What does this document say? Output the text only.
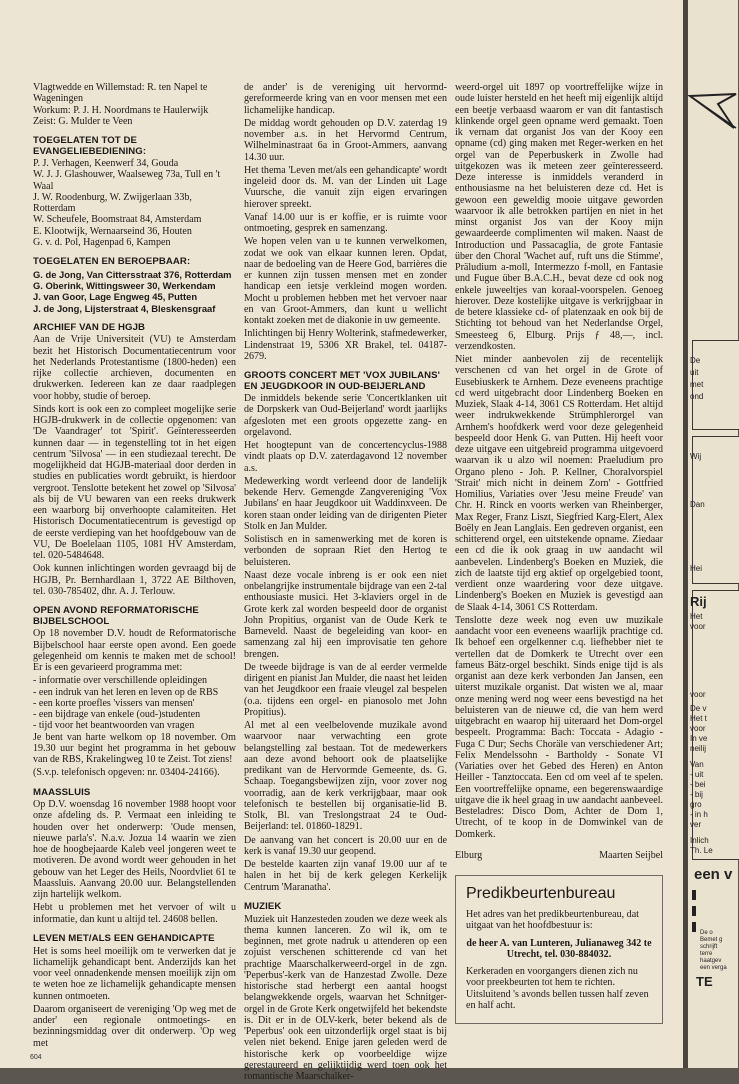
Vlagtwedde en Willemstad: R. ten Napel te Wageningen

Workum: P. J. H. Noordmans te Haulerwijk

Zeist: G. Mulder te Veen

TOEGELATEN TOT DE EVANGELIEBEDIENING:
P. J. Verhagen, Keenwerf 34, Gouda
W. J. J. Glashouwer, Waalseweg 73a, Tull en 't Waal
J. W. Roodenburg, W. Zwijgerlaan 33b, Rotterdam
W. Scheufele, Boomstraat 84, Amsterdam
E. Klootwijk, Wernaarseind 36, Houten
G. v. d. Pol, Hagenpad 6, Kampen
TOEGELATEN EN BEROEPBAAR:
G. de Jong, Van Cittersstraat 376, Rotterdam
G. Oberink, Wittingsweer 30, Werkendam
J. van Goor, Lage Engweg 45, Putten
J. de Jong, Lijsterstraat 4, Bleskensgraaf
ARCHIEF VAN DE HGJB

Aan de Vrije Universiteit (VU) te Amsterdam bezit het Historisch Documentatiecentrum voor het Nederlands Protestantisme (1800-heden) een rijke collectie archieven, documenten en drukwerken. Iedereen kan ze daar raadplegen voor hobby, studie of beroep.

Sinds kort is ook een zo compleet mogelijke serie HGJB-drukwerk in de collectie opgenomen: van 'De Vaandrager' tot 'Spirit'. Geïnteresseerden kunnen daar — in tegenstelling tot in het eigen centrum 'Silvosa' — in een studiezaal terecht. De mogelijkheid dat HGJB-materiaal door derden in studies en publicaties wordt gebruikt, is hierdoor vergroot. Tenslotte betekent het zowel op 'Silvosa' als bij de VU bewaren van een reeks drukwerk een waarborg bij onverhoopte calamiteiten. Het Historisch Documentatiecentrum is gevestigd op de eerste verdieping van het hoofdgebouw van de VU, De Boelelaan 1105, 1081 HV Amsterdam, tel. 020-5484648.

Ook kunnen inlichtingen worden gevraagd bij de HGJB, Pr. Bernhardlaan 1, 3722 AE Bilthoven, tel. 030-785402, dhr. A. J. Terlouw.

OPEN AVOND REFORMATORISCHE BIJBELSCHOOL

Op 18 november D.V. houdt de Reformatorische Bijbelschool haar eerste open avond. Een goede gelegenheid om kennis te maken met de school! Er is een gevarieerd programma met:

- informatie over verschillende opleidingen
- een indruk van het leren en leven op de RBS
- een korte proefles 'vissers van mensen'
- een bijdrage van enkele (oud-)studenten
- tijd voor het beantwoorden van vragen

Je bent van harte welkom op 18 november. Om 19.30 uur begint het programma in het gebouw van de RBS, Krakelingweg 10 te Zeist. Tot ziens!

(S.v.p. telefonisch opgeven: nr. 03404-24166).

MAASSLUIS

Op D.V. woensdag 16 november 1988 hoopt voor onze afdeling ds. P. Vermaat een inleiding te houden over het onderwerp: 'Oude mensen, nieuwe parla's'. N.a.v. Jozua 14 waarin we zien hoe de hoogbejaarde Kaleb veel jongeren weet te motiveren. De avond wordt weer gehouden in het gebouw van het Leger des Heils, Noordvliet 61 te Maassluis. Aanvang 20.00 uur. Belangstellenden zijn hartelijk welkom.

Hebt u problemen met het vervoer of wilt u informatie, dan kunt u altijd tel. 24608 bellen.

LEVEN MET/ALS EEN GEHANDICAPTE

Het is soms heel moeilijk om te verwerken dat je lichamelijk gehandicapt bent. Anderzijds kan het voor veel onnadenkende mensen moeilijk zijn om te weten hoe ze lichamelijk gehandicapte mensen kunnen ontmoeten.

Daarom organiseert de vereniging 'Op weg met de ander' een regionale ontmoetings- en bezinningsmiddag over dit onderwerp. 'Op weg met

de ander' is de vereniging uit hervormd-gereformeerde kring van en voor mensen met een lichamelijke handicap.

De middag wordt gehouden op D.V. zaterdag 19 november a.s. in het Hervormd Centrum, Wilhelminastraat 6a in Groot-Ammers, aanvang 14.30 uur.

Het thema 'Leven met/als een gehandicapte' wordt ingeleid door ds. M. van der Linden uit Lage Vuursche, die vanuit zijn eigen ervaringen hierover spreekt.

Vanaf 14.00 uur is er koffie, er is ruimte voor ontmoeting, gesprek en samenzang.

We hopen velen van u te kunnen verwelkomen, zodat we ook van elkaar kunnen leren. Opdat, naar de bedoeling van de Heere God, barrières die er kunnen zijn tussen mensen met en zonder handicap een ietsje verkleind mogen worden. Mocht u problemen hebben met het vervoer naar en van Groot-Ammers, dan kunt u wellicht kontakt zoeken met de diakonie in uw gemeente.

Inlichtingen bij Henry Wolterink, stafmedewerker, Lindenstraat 19, 5306 XR Brakel, tel. 04187-2679.

GROOTS CONCERT MET 'VOX JUBILANS' EN JEUGDKOOR IN OUD-BEIJERLAND

De inmiddels bekende serie 'Concertklanken uit de Dorpskerk van Oud-Beijerland' wordt jaarlijks afgesloten met een groots opgezette zang- en orgelavond.

Het hoogtepunt van de concertencyclus-1988 vindt plaats op D.V. zaterdagavond 12 november a.s.

Medewerking wordt verleend door de landelijk bekende Herv. Gemengde Zangvereniging 'Vox Jubilans' en haar Jeugdkoor uit Waddinxveen. De koren staan onder leiding van de dirigenten Pieter Stolk en Jan Mulder.

Solistisch en in samenwerking met de koren is verbonden de sopraan Riet den Hertog te beluisteren.

Naast deze vocale inbreng is er ook een niet onbelangrijke instrumentale bijdrage van een 2-tal enthousiaste musici. Het 3-klaviers orgel in de Grote kerk zal worden bespeeld door de organist John Propitius, organist van de Oude Kerk te Barneveld. Naast de begeleiding van koor- en samenzang zal hij een improvisatie ten gehore brengen.

De tweede bijdrage is van de al eerder vermelde dirigent en pianist Jan Mulder, die naast het leiden van het Jeugdkoor een fraaie vleugel zal bespelen (o.a. tijdens een orgel- en pianosolo met John Propitius).

Al met al een veelbelovende muzikale avond waarvoor naar verwachting een grote belangstelling zal bestaan. Tot de medewerkers aan deze avond behoort ook de plaatselijke predikant van de Hervormde Gemeente, ds. G. Schaap. Toegangsbewijzen zijn, voor zover nog voorradig, aan de kerk verkrijgbaar, maar ook telefonisch te bestellen bij organisatie-lid B. Stolk, Bl. van Treslongstraat 24 te Oud-Beijerland: tel. 01860-18291.

De aanvang van het concert is 20.00 uur en de kerk is vanaf 19.30 uur geopend.

De bestelde kaarten zijn vanaf 19.00 uur af te halen in het bij de kerk gelegen Kerkelijk Centrum 'Maranatha'.

MUZIEK

Muziek uit Hanzesteden zouden we deze week als thema kunnen lanceren. Zo wil ik, om te beginnen, met grote nadruk u attenderen op een zojuist verschenen schitterende cd van het prachtige Maarschalkerweerd-orgel in de zgn. 'Peperbus'-kerk van de Hanzestad Zwolle. Deze historische stad herbergt een aantal hoogst belangwekkende orgels, waarvan het Schnitger-orgel in de Grote Kerk ongetwijfeld het bekendste is. Dit er in de OLV-kerk, beter bekend als de 'Peperbus' ook een uitzonderlijk orgel staat is bij velen niet bekend. Enige jaren geleden werd de historische kerk op voorbeeldige wijze gerestaureerd en gelijktijdig werd toen ook het romantische Maarschalker-

weerd-orgel uit 1897 op voortreffelijke wijze in oude luister hersteld en het heeft mij eigenlijk altijd een beetje verbaasd waarom er van dit fantastisch klinkende orgel geen opname werd gemaakt. Toen ik vernam dat organist Jos van der Kooy een opname (cd) ging maken met Reger-werken en het orgel van de Peperbuskerk in Zwolle had uitgekozen was ik meteen zeer geïnteresseerd. Deze interesse is inmiddels veranderd in enthousiasme na het beluisteren deze cd. Het is gewoon een geweldig mooie uitgave geworden waarvoor ik alle betrokken partijen en niet in het minst organist Jos van der Kooy mijn gewaardeerde complimenten wil maken. Naast de Introduction und Passacaglia, de grote Fantasie über den Choral 'Wachet auf, ruft uns die Stimme', Präludium a-moll, Intermezzo f-moll, en Fantasie und Fugue über B.A.C.H., bevat deze cd ook nog enkele juweeltjes van koraal-voorspelen. Genoeg hierover. Deze kostelijke uitgave is verkrijgbaar in de betere klassieke cd- of platenzaak en ook bij de Stichting tot behoud van het Nederlandse Orgel, Smeesteeg 6, Elburg. Prijs ƒ 48,—, incl. verzendkosten.

Niet minder aanbevolen zij de recentelijk verschenen cd van het orgel in de Grote of Eusebiuskerk te Arnhem. Deze eveneens prachtige cd werd uitgebracht door Lindenberg Boeken en Muziek, Slaak 4-14, 3061 CS Rotterdam. Het altijd weer indrukwekkende Strümphlerorgel van Arnhem's hoofdkerk werd voor deze gelegenheid bespeeld door Henk G. van Putten. Hij heeft voor deze uitgave een uitgebreid programma uitgevoerd waarvan ik u alzo wil noemen: Praeludium pro Organo pleno - Joh. P. Kellner, Choralvorspiel 'Strait' mich nicht in deinem Zorn' - Gottfried Homilius, Variaties over 'Jesu meine Freude' van Chr. H. Rinck en voorts werken van Rheinberger, Max Reger, Franz Liszt, Siegfried Karg-Elert, Alex Boëly en Jean Langlais. Een gedreven organist, een schitterend orgel, een uitstekende opname. Ziedaar een cd die ik ook graag in uw aandacht wil aanbevelen. Lindenberg's Boeken en Muziek, die zich de laatste tijd erg aktief op orgelgebied toont, verdient onze waardering voor deze uitgave. Lindenberg's Boeken en Muziek is gevestigd aan de Slaak 4-14, 3061 CS Rotterdam.

Tenslotte deze week nog even uw muzikale aandacht voor een eveneens waarlijk prachtige cd. Ik behoef een orgelkenner c.q. liefhebber niet te vertellen dat de Domkerk te Utrecht over een fameus Bätz-orgel beschikt. Sinds enige tijd is als organist aan deze kerk verbonden Jan Jansen, een uiterst muzikale organist. Dat wisten we al, maar onze mening werd nog weer eens bevestigd na het beluisteren van de nieuwe cd, die van hem werd uitgebracht en waarop hij uiteraard het Dom-orgel bespeelt. Programma: Bach: Toccata - Adagio - Fuga C Dur; Sechs Choräle van verschiedener Art; Felix Mendelssohn - Bartholdy - Sonate VI (Variaties over het Gebed des Heren) en Anton Heiller - Tanztoccata. Een cd om veel af te spelen. Een voortreffelijke opname, een begerenswaardige uitgave die ik heel graag in uw aandacht aanbeveel. Besteladres: Disco Dom, Achter de Dom 1, Utrecht, of te koop in de Domwinkel van de Domkerk.

Elburg	Maarten Seijbel
Predikbeurtenbureau

Het adres van het predikbeurtenbureau, dat uitgaat van het hoofdbestuur is:

de heer A. van Lunteren, Julianaweg 342 te Utrecht, tel. 030-884032.

Kerkeraden en voorgangers dienen zich nu voor preekbeurten tot hem te richten. Uitsluitend 's avonds bellen tussen half zeven en half acht.

604
De
uit
met
ond
Wij
Dan
Hei
Rij
Het
voor
voor
De v
Het t
voor
In ve
neilij
Van
- uit
- bei
- bij
gro
- in h
ver
Inlich
Th. Le
een v
De o
Bemet g
schrijft
terre
haatgev
een verga
TE
